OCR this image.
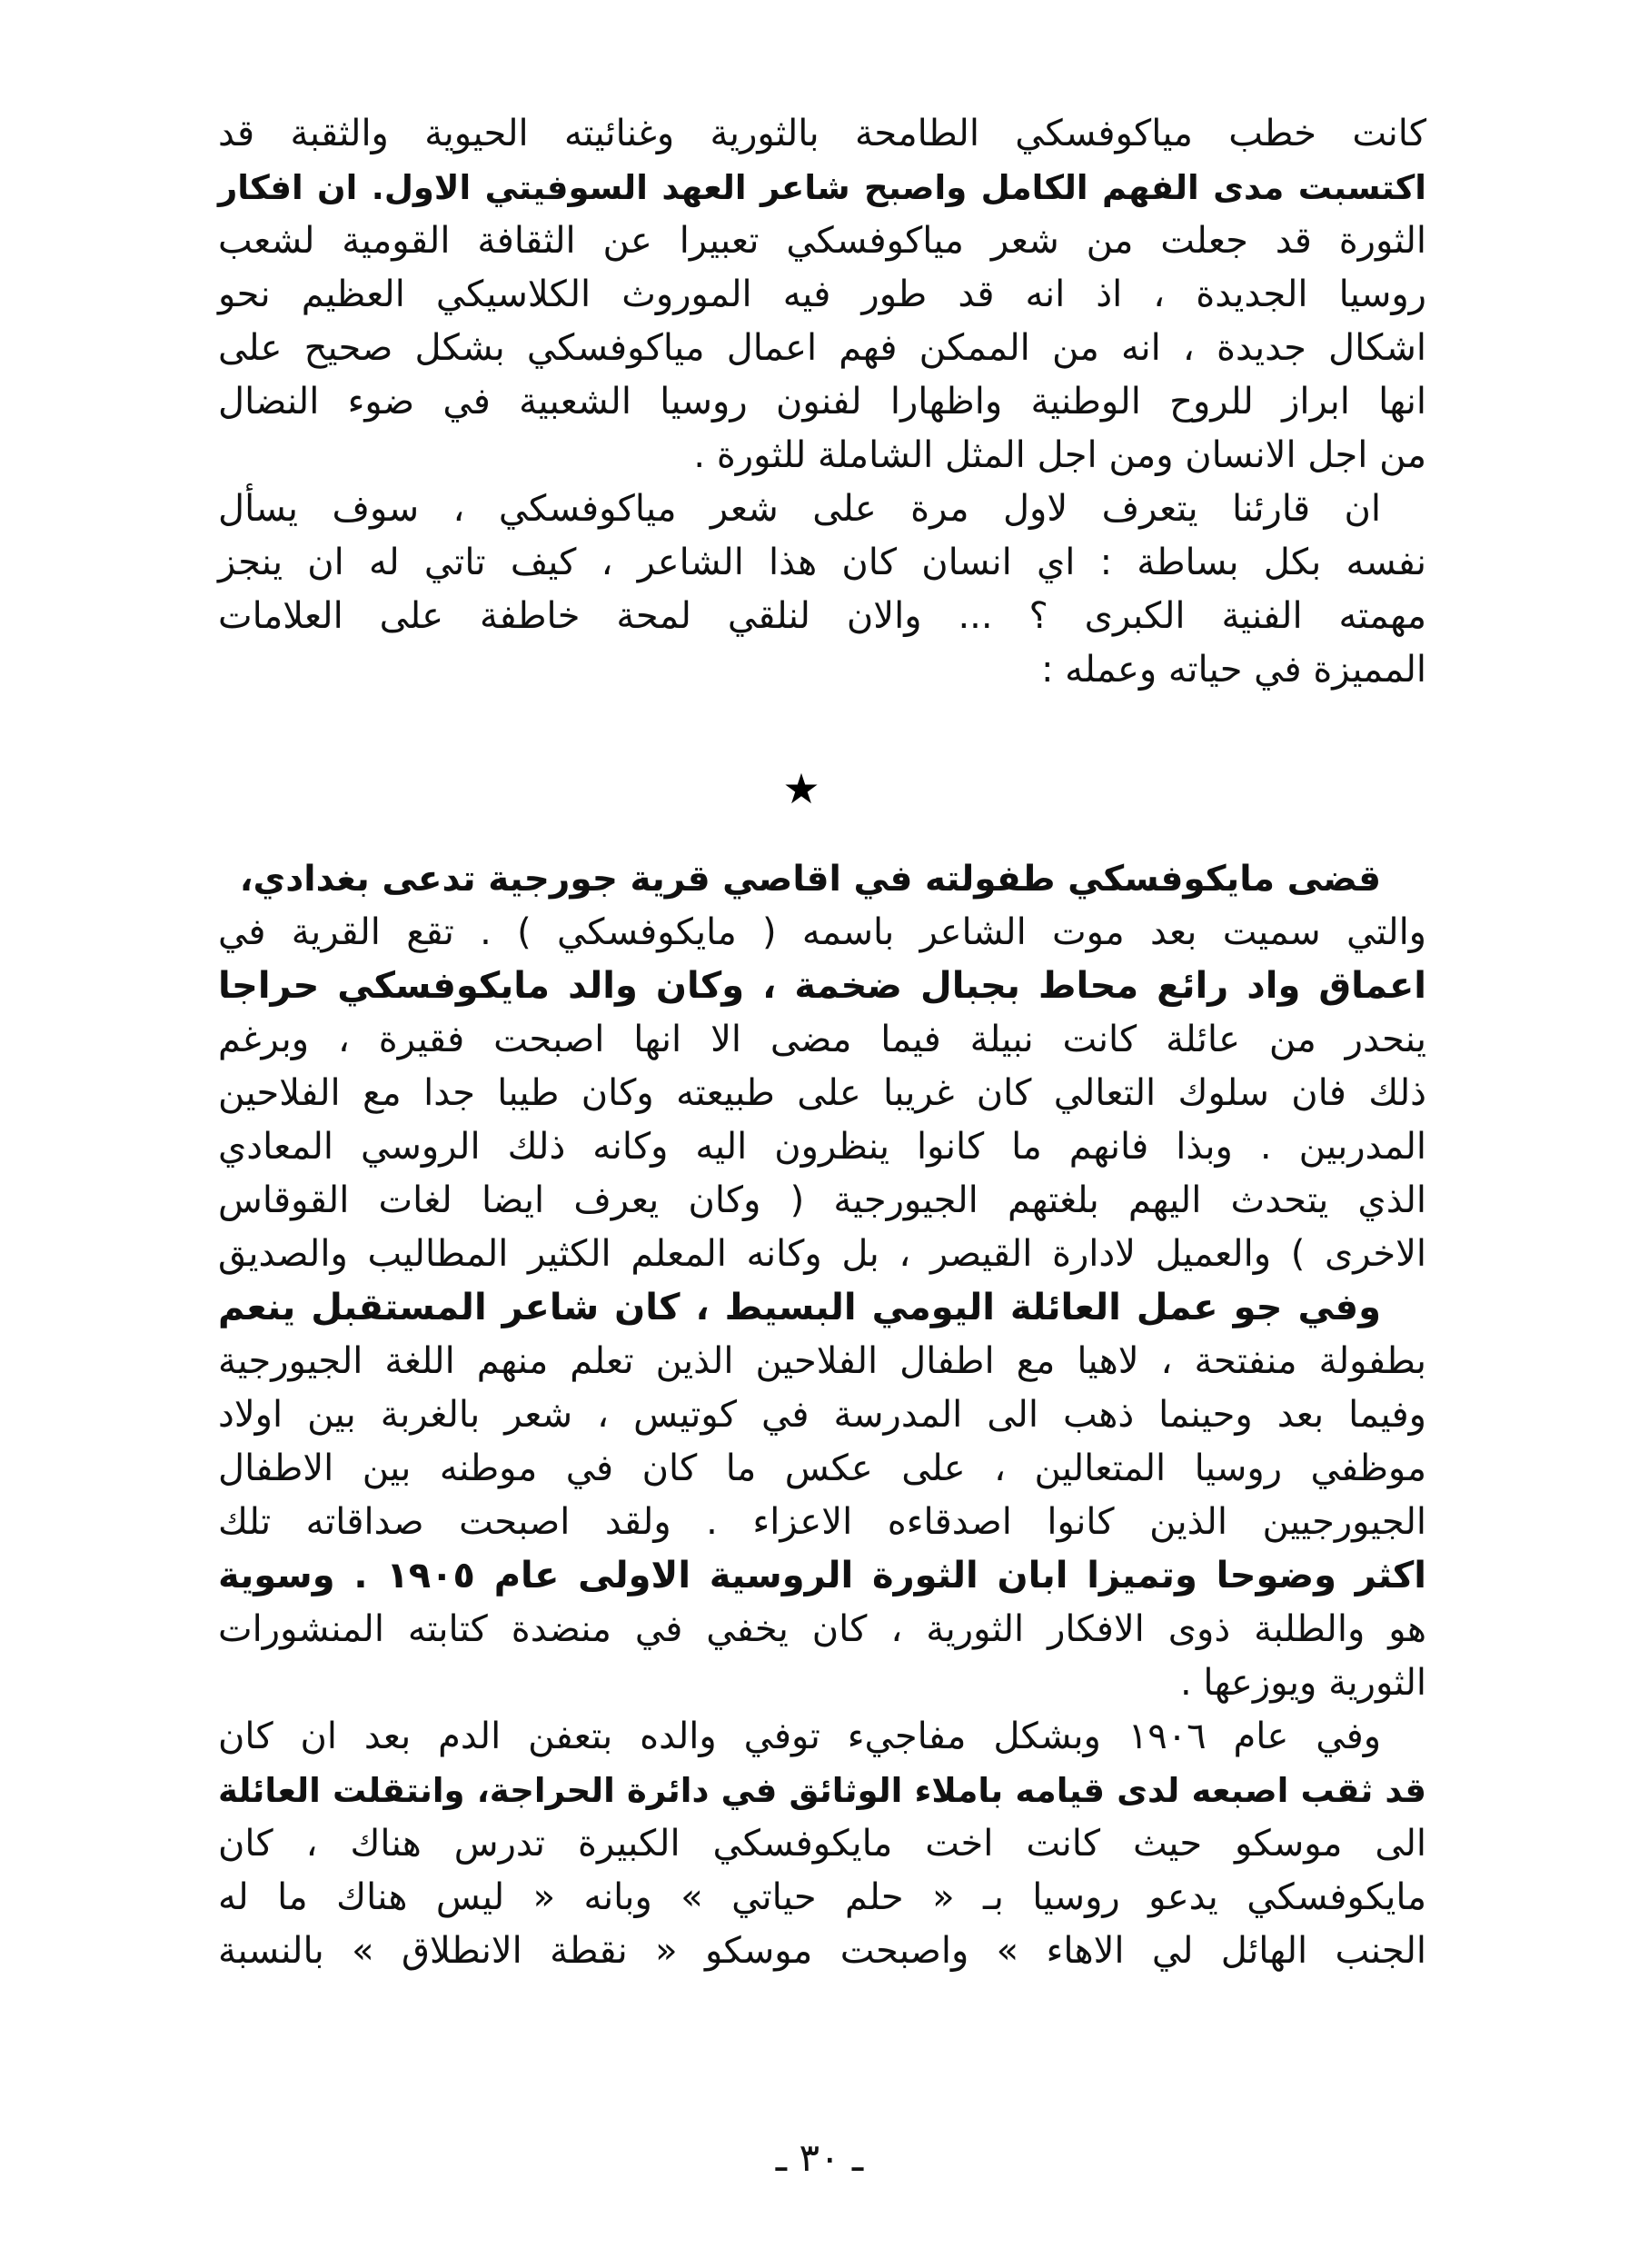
كانت خطب مياكوفسكي الطامحة بالثورية وغنائيته الحيوية والثقبة قد
اكتسبت مدى الفهم الكامل واصبح شاعر العهد السوفيتي الاول. ان افكار
الثورة قد جعلت من شعر مياكوفسكي تعبيرا عن الثقافة القومية لشعب
روسيا الجديدة ، اذ انه قد طور فيه الموروث الكلاسيكي العظيم نحو
اشكال جديدة ، انه من الممكن فهم اعمال مياكوفسكي بشكل صحيح على
انها ابراز للروح الوطنية واظهارا لفنون روسيا الشعبية في ضوء النضال
من اجل الانسان ومن اجل المثل الشاملة للثورة .
ان قارئنا يتعرف لاول مرة على شعر مياكوفسكي ، سوف يسأل
نفسه بكل بساطة : اي انسان كان هذا الشاعر ، كيف تاتي له ان ينجز
مهمته الفنية الكبرى ؟ ... والان لنلقي لمحة خاطفة على العلامات
المميزة في حياته وعمله :
★
قضى مايكوفسكي طفولته في اقاصي قرية جورجية تدعى بغدادي،
والتي سميت بعد موت الشاعر باسمه ( مايكوفسكي ) . تقع القرية في
اعماق واد رائع محاط بجبال ضخمة ، وكان والد مايكوفسكي حراجا
ينحدر من عائلة كانت نبيلة فيما مضى الا انها اصبحت فقيرة ، وبرغم
ذلك فان سلوك التعالي كان غريبا على طبيعته وكان طيبا جدا مع الفلاحين
المدربين . وبذا فانهم ما كانوا ينظرون اليه وكانه ذلك الروسي المعادي
الذي يتحدث اليهم بلغتهم الجيورجية ( وكان يعرف ايضا لغات القوقاس
الاخرى ) والعميل لادارة القيصر ، بل وكانه المعلم الكثير المطاليب والصديق
وفي جو عمل العائلة اليومي البسيط ، كان شاعر المستقبل ينعم
بطفولة منفتحة ، لاهيا مع اطفال الفلاحين الذين تعلم منهم اللغة الجيورجية
وفيما بعد وحينما ذهب الى المدرسة في كوتيس ، شعر بالغربة بين اولاد
موظفي روسيا المتعالين ، على عكس ما كان في موطنه بين الاطفال
الجيورجيين الذين كانوا اصدقاءه الاعزاء . ولقد اصبحت صداقاته تلك
اكثر وضوحا وتميزا ابان الثورة الروسية الاولى عام ١٩٠٥ . وسوية
هو والطلبة ذوى الافكار الثورية ، كان يخفي في منضدة كتابته المنشورات
الثورية ويوزعها .
وفي عام ١٩٠٦ وبشكل مفاجيء توفي والده بتعفن الدم بعد ان كان
قد ثقب اصبعه لدى قيامه باملاء الوثائق في دائرة الحراجة، وانتقلت العائلة
الى موسكو حيث كانت اخت مايكوفسكي الكبيرة تدرس هناك ، كان
مايكوفسكي يدعو روسيا بـ « حلم حياتي » وبانه « ليس هناك ما له
الجنب الهائل لي الاهاء » واصبحت موسكو « نقطة الانطلاق » بالنسبة
ـ ٣٠ ـ
